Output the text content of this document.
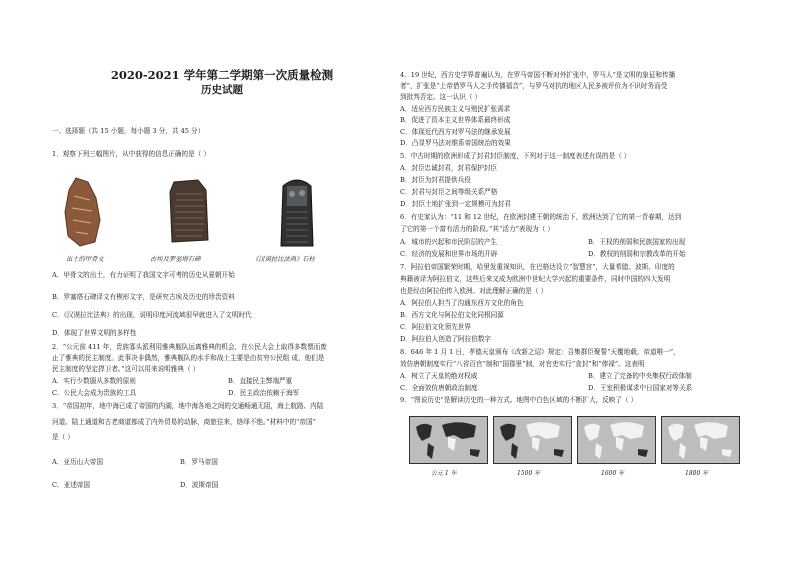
2020-2021 学年第二学期第一次质量检测
历史试题
一、选择题（共 15 小题，每小题 3 分，共 45 分）
1．观察下列三幅图片，从中获得的信息正确的是（ ）
出土的甲骨文	古埃及罗塞塔石碑	《汉谟拉比法典》石柱
A．甲骨文的出土，有力证明了我国文字可考的历史从夏朝开始
B．罗塞塔石碑译文有楔形文字，是研究古埃及历史的珍贵资料
C．《汉谟拉比法典》的出现，说明印度河流域很早就进入了文明时代
D．体现了世界文明的多样性
2．“公元前 411 年，贵族寡头派利用雅典舰队远离雅典的机会，在公民大会上取得多数票而废
止了雅典的民主制度。此事决非偶然，雅典舰队的水手和战士主要是由贫穷公民组 成，他们是
民主制度的坚定捍卫者。”这可以用来说明雅典（ ）
A．实行少数服从多数的原则	B．直接民主弊端严重
C．公民大会成为贵族的工具	D．民主政治依赖于海军
3．“帝国初年，地中海已成了帝国的内湖，地中海各地之间的交通畅通无阻，海上航路、内陆
河道、陆上通道和古老商道都成了内外贸易的动脉，商旅往来，络绎不绝。”材料中的“帝国”
是（ ）
A．亚历山大帝国	B．罗马帝国
C．亚述帝国	D．波斯帝国
4．19 世纪，西方史学界普遍认为，在罗马帝国不断对外扩张中，罗马人“是文明的象征和传播
者”，扩张是“上帝借罗马人之手传播福音”，与罗马对抗的地区人民多被评价为不识时务而受
到批判否定。这一认识（ ）
A．适应西方民族主义与殖民扩张需求
B．促进了资本主义世界体系最终形成
C．体现近代西方对罗马法的继承发展
D．凸显罗马法对维系帝国统治的效果
5．中古时期的欧洲形成了封君封臣制度，下列对于这一制度表述有误的是（ ）
A．封臣忠诚封君，封君保护封臣
B．封臣为封君提供兵役
C．封君与封臣之间等级关系严格
D．封臣土地扩张到一定规模可为封君
6．有史家认为：“11 和 12 世纪，在欧洲封建王朝的统治下，欧洲达到了它的第一青春期，达到
了它的第一个富有活力的阶段。”其“活力”表现为（ ）
A．城市的兴起和市民阶层的产生	B．王权的削弱和民族国家的出现
C．经济的发展和世界市场的开辟	D．教权的削弱和宗教改革的开始
7．阿拉伯帝国繁荣时期，哈里发重视知识，在巴格达设立“智慧宫”，大量希腊、波斯、印度的
典籍被译为阿拉伯文，这些后来又成为欧洲中世纪大学兴起的重要条件，同时中国的四大发明
也是经由阿拉伯传入欧洲。对此理解正确的是（ ）
A．阿拉伯人担当了沟通东西方文化的角色
B．西方文化与阿拉伯文化同根同源
C．阿拉伯文化领先世界
D．阿拉伯人创造了阿拉伯数字
8．646 年 1 月 1 日，孝德天皇颁布《改新之诏》规定：召集群臣聚誓“天覆地载，帝道唯一”，
效仿唐朝制度实行“八省百官”制和“国郡里”制，对官吏实行“食封”和“俸禄”。这表明
A．树立了天皇的绝对权威	B．建立了完备的中央集权行政体制
C．全面效仿唐朝政治制度	D．王室积极谋求中日国家对等关系
9．“图说历史”是解读历史的一种方式。地图中白色区域的不断扩大，反映了（ ）
公元 1 年	1500 年	1600 年	1800 年
